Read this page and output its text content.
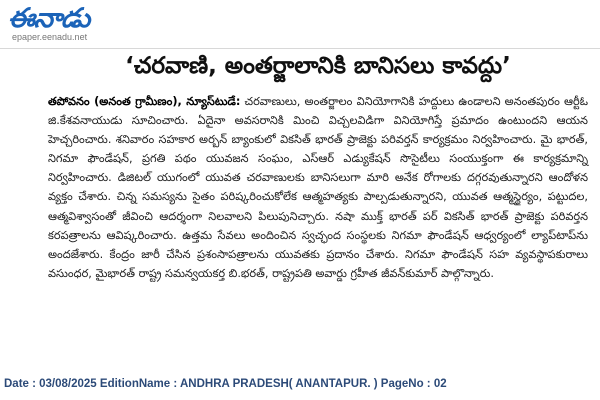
ఈనాడు
epaper.eenadu.net
‘చరవాణి, అంతర్జాలానికి బానిసలు కావద్దు’

తపోవనం (అనంత గ్రామీణం), న్యూస్‌టుడే: చరవాణులు, అంతర్జాలం వినియోగానికి హద్దులు ఉండాలని అనంతపురం ఆర్టీఓ జి.కేశవనాయుడు సూచించారు. ఏదైనా అవసరానికి మించి విచ్చలవిడిగా వినియోగిస్తే ప్రమాదం ఉంటుందని ఆయన హెచ్చరించారు. శనివారం సహకార అర్బన్ బ్యాంకులో వికసిత్ భారత్ ప్రాజెక్టు పరివర్తన్ కార్యక్రమం నిర్వహించారు. మై భారత్, నిగమా ఫౌండేషన్, ప్రగతి పథం యువజన సంఘం, ఎస్‌ఆర్ ఎడ్యుకేషన్ సొసైటీలు సంయుక్తంగా ఈ కార్యక్రమాన్ని నిర్వహించారు. డిజిటల్ యుగంలో యువత చరవాణులకు బానిసలుగా మారి అనేక రోగాలకు దగ్గరవుతున్నారని ఆందోళన వ్యక్తం చేశారు. చిన్న సమస్యను సైతం పరిష్కరించుకోలేక ఆత్మహత్యకు పాల్పడుతున్నారని, యువత ఆత్మస్థైర్యం, పట్టుదల, ఆత్మవిశ్వాసంతో జీవించి ఆదర్శంగా నిలవాలని పిలుపునిచ్చారు. నషా ముక్త్ భారత్ పర్ వికసిత్ భారత్ ప్రాజెక్టు పరివర్తన కరపత్రాలను ఆవిష్కరించారు. ఉత్తమ సేవలు అందించిన స్వచ్ఛంద సంస్థలకు నిగమా ఫౌండేషన్ ఆధ్వర్యంలో ల్యాప్‌టాప్‌ను అందజేశారు. కేంద్రం జారీ చేసిన ప్రశంసాపత్రాలను యువతకు ప్రదానం చేశారు. నిగమా ఫౌండేషన్ సహ వ్యవస్థాపకురాలు వసుంధర, మైభారత్ రాష్ట్ర సమన్వయకర్త బి.భరత్, రాష్ట్రపతి అవార్డు గ్రహీత జీవన్‌కుమార్ పాల్గొన్నారు.

Date : 03/08/2025 EditionName : ANDHRA PRADESH( ANANTAPUR. ) PageNo : 02
